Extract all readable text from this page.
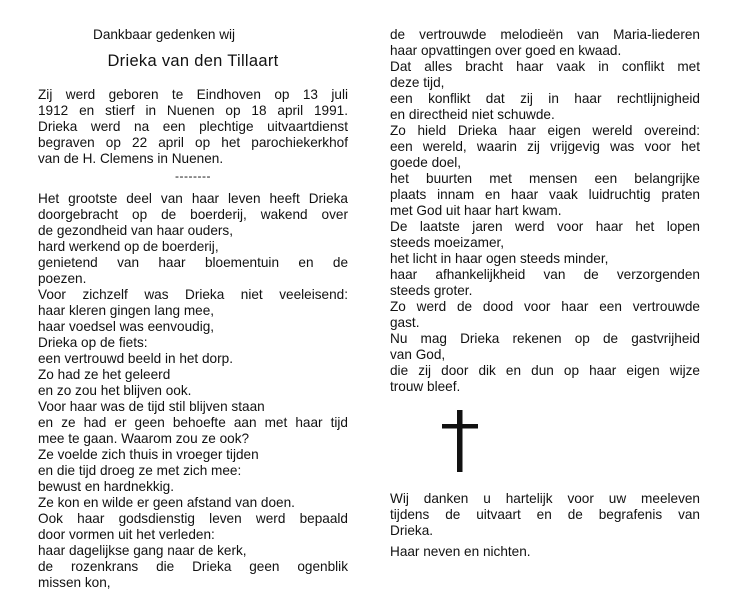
Dankbaar gedenken wij
Drieka van den Tillaart
Zij werd geboren te Eindhoven op 13 juli
1912 en stierf in Nuenen op 18 april 1991.
Drieka werd na een plechtige uitvaartdienst
begraven op 22 april op het parochiekerkhof
van de H. Clemens in Nuenen.
--------
Het grootste deel van haar leven heeft Drieka
doorgebracht op de boerderij, wakend over
de gezondheid van haar ouders,
hard werkend op de boerderij,
genietend van haar bloementuin en de
poezen.
Voor zichzelf was Drieka niet veeleisend:
haar kleren gingen lang mee,
haar voedsel was eenvoudig,
Drieka op de fiets:
een vertrouwd beeld in het dorp.
Zo had ze het geleerd
en zo zou het blijven ook.
Voor haar was de tijd stil blijven staan
en ze had er geen behoefte aan met haar tijd
mee te gaan. Waarom zou ze ook?
Ze voelde zich thuis in vroeger tijden
en die tijd droeg ze met zich mee:
bewust en hardnekkig.
Ze kon en wilde er geen afstand van doen.
Ook haar godsdienstig leven werd bepaald
door vormen uit het verleden:
haar dagelijkse gang naar de kerk,
de rozenkrans die Drieka geen ogenblik
missen kon,
de vertrouwde melodieën van Maria-liederen
haar opvattingen over goed en kwaad.
Dat alles bracht haar vaak in conflikt met
deze tijd,
een konflikt dat zij in haar rechtlijnigheid
en directheid niet schuwde.
Zo hield Drieka haar eigen wereld overeind:
een wereld, waarin zij vrijgevig was voor het
goede doel,
het buurten met mensen een belangrijke
plaats innam en haar vaak luidruchtig praten
met God uit haar hart kwam.
De laatste jaren werd voor haar het lopen
steeds moeizamer,
het licht in haar ogen steeds minder,
haar afhankelijkheid van de verzorgenden
steeds groter.
Zo werd de dood voor haar een vertrouwde
gast.
Nu mag Drieka rekenen op de gastvrijheid
van God,
die zij door dik en dun op haar eigen wijze
trouw bleef.
Wij danken u hartelijk voor uw meeleven
tijdens de uitvaart en de begrafenis van
Drieka.
Haar neven en nichten.
